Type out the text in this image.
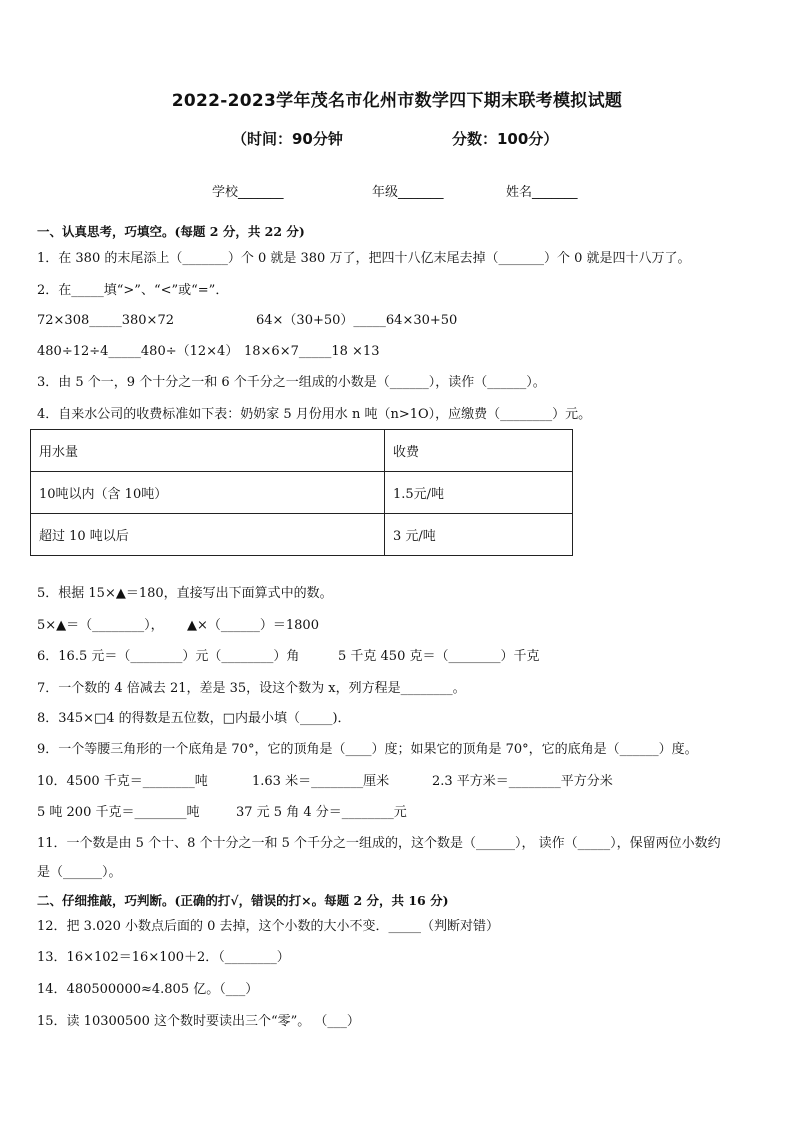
2022-2023学年茂名市化州市数学四下期末联考模拟试题
（时间：90分钟	分数：100分）
学校_______	年级_______	姓名_______
一、认真思考，巧填空。(每题 2 分，共 22 分)
1．在 380 的末尾添上（_______）个 0 就是 380 万了，把四十八亿末尾去掉（_______）个 0 就是四十八万了。
2．在_____填“>”、“<”或“=”．
72×308_____380×72	64×（30+50）_____64×30+50
480÷12÷4_____480÷（12×4） 18×6×7_____18 ×13
3．由 5 个一，9 个十分之一和 6 个千分之一组成的小数是（______），读作（______）。
4．自来水公司的收费标准如下表：奶奶家 5 月份用水 n 吨（n>1O），应缴费（________）元。
用水量	收费
10吨以内（含 10吨）	1.5元/吨
超过 10 吨以后	3 元/吨
5．根据 15×▲＝180，直接写出下面算式中的数。
5×▲＝（________）， ▲×（______）＝1800
6．16.5 元＝（________）元（________）角	5 千克 450 克＝（________）千克
7．一个数的 4 倍减去 21，差是 35，设这个数为 x，列方程是________。
8．345×□4 的得数是五位数，□内最小填（_____)．
9．一个等腰三角形的一个底角是 70°，它的顶角是（____）度；如果它的顶角是 70°，它的底角是（______）度。
10．4500 千克＝________吨	1.63 米＝________厘米	2.3 平方米＝________平方分米
5 吨 200 千克＝________吨	37 元 5 角 4 分＝________元
11．一个数是由 5 个十、8 个十分之一和 5 个千分之一组成的，这个数是（______）， 读作（_____），保留两位小数约
是（______）。
二、仔细推敲，巧判断。(正确的打√，错误的打×。每题 2 分，共 16 分)
12．把 3.020 小数点后面的 0 去掉，这个小数的大小不变．_____（判断对错）
13．16×102＝16×100＋2．（________）
14．480500000≈4.805 亿。（___）
15．读 10300500 这个数时要读出三个“零”。 （___）
